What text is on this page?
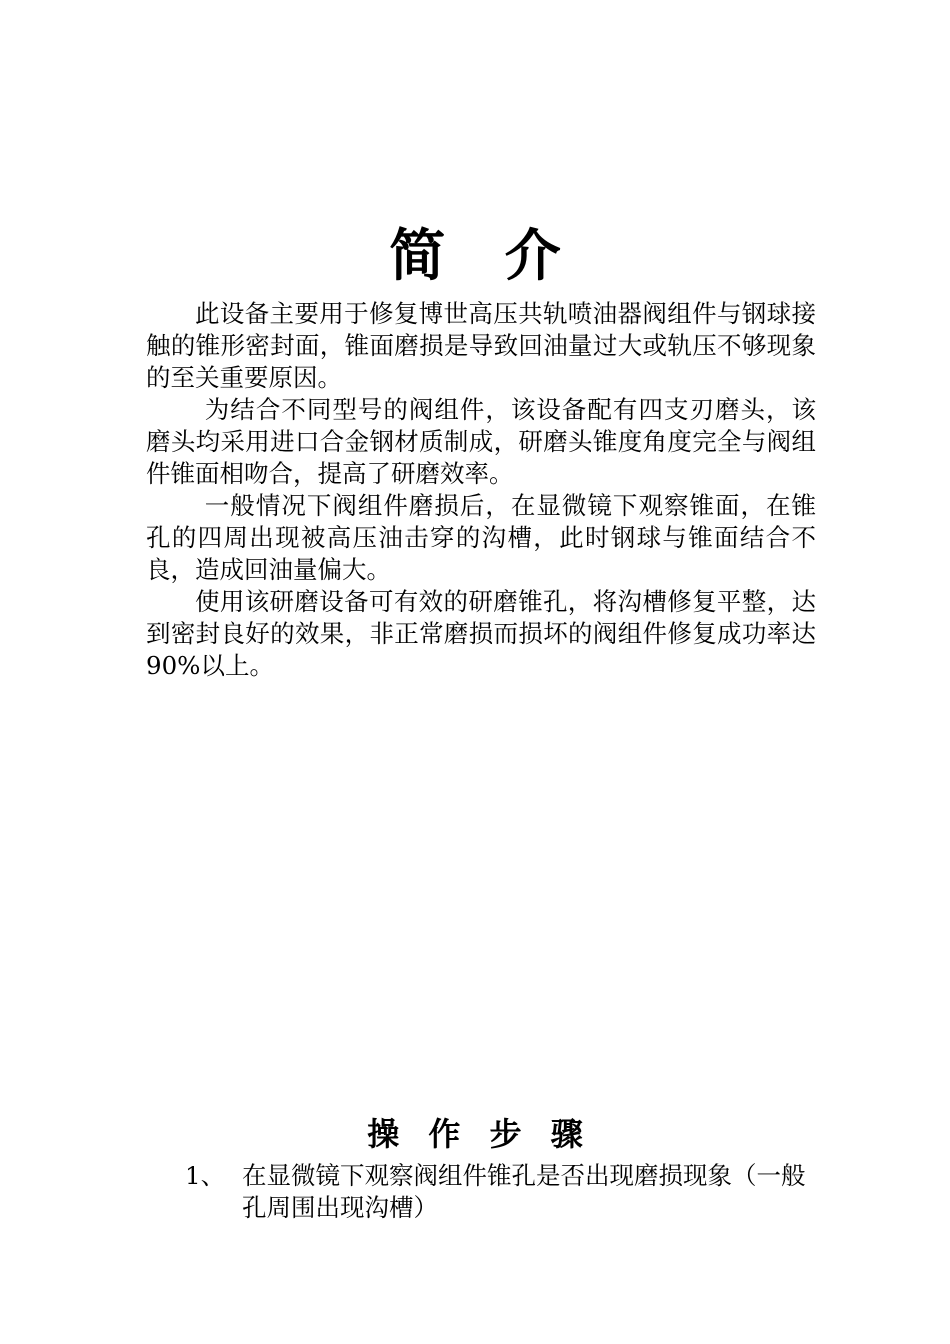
简 介

此设备主要用于修复博世高压共轨喷油器阀组件与钢球接触的锥形密封面，锥面磨损是导致回油量过大或轨压不够现象的至关重要原因。

为结合不同型号的阀组件，该设备配有四支刃磨头，该磨头均采用进口合金钢材质制成，研磨头锥度角度完全与阀组件锥面相吻合，提高了研磨效率。

一般情况下阀组件磨损后，在显微镜下观察锥面，在锥孔的四周出现被高压油击穿的沟槽，此时钢球与锥面结合不良，造成回油量偏大。

使用该研磨设备可有效的研磨锥孔，将沟槽修复平整，达到密封良好的效果，非正常磨损而损坏的阀组件修复成功率达 90%以上。

操 作 步 骤
1、 在显微镜下观察阀组件锥孔是否出现磨损现象（一般孔周围出现沟槽）
